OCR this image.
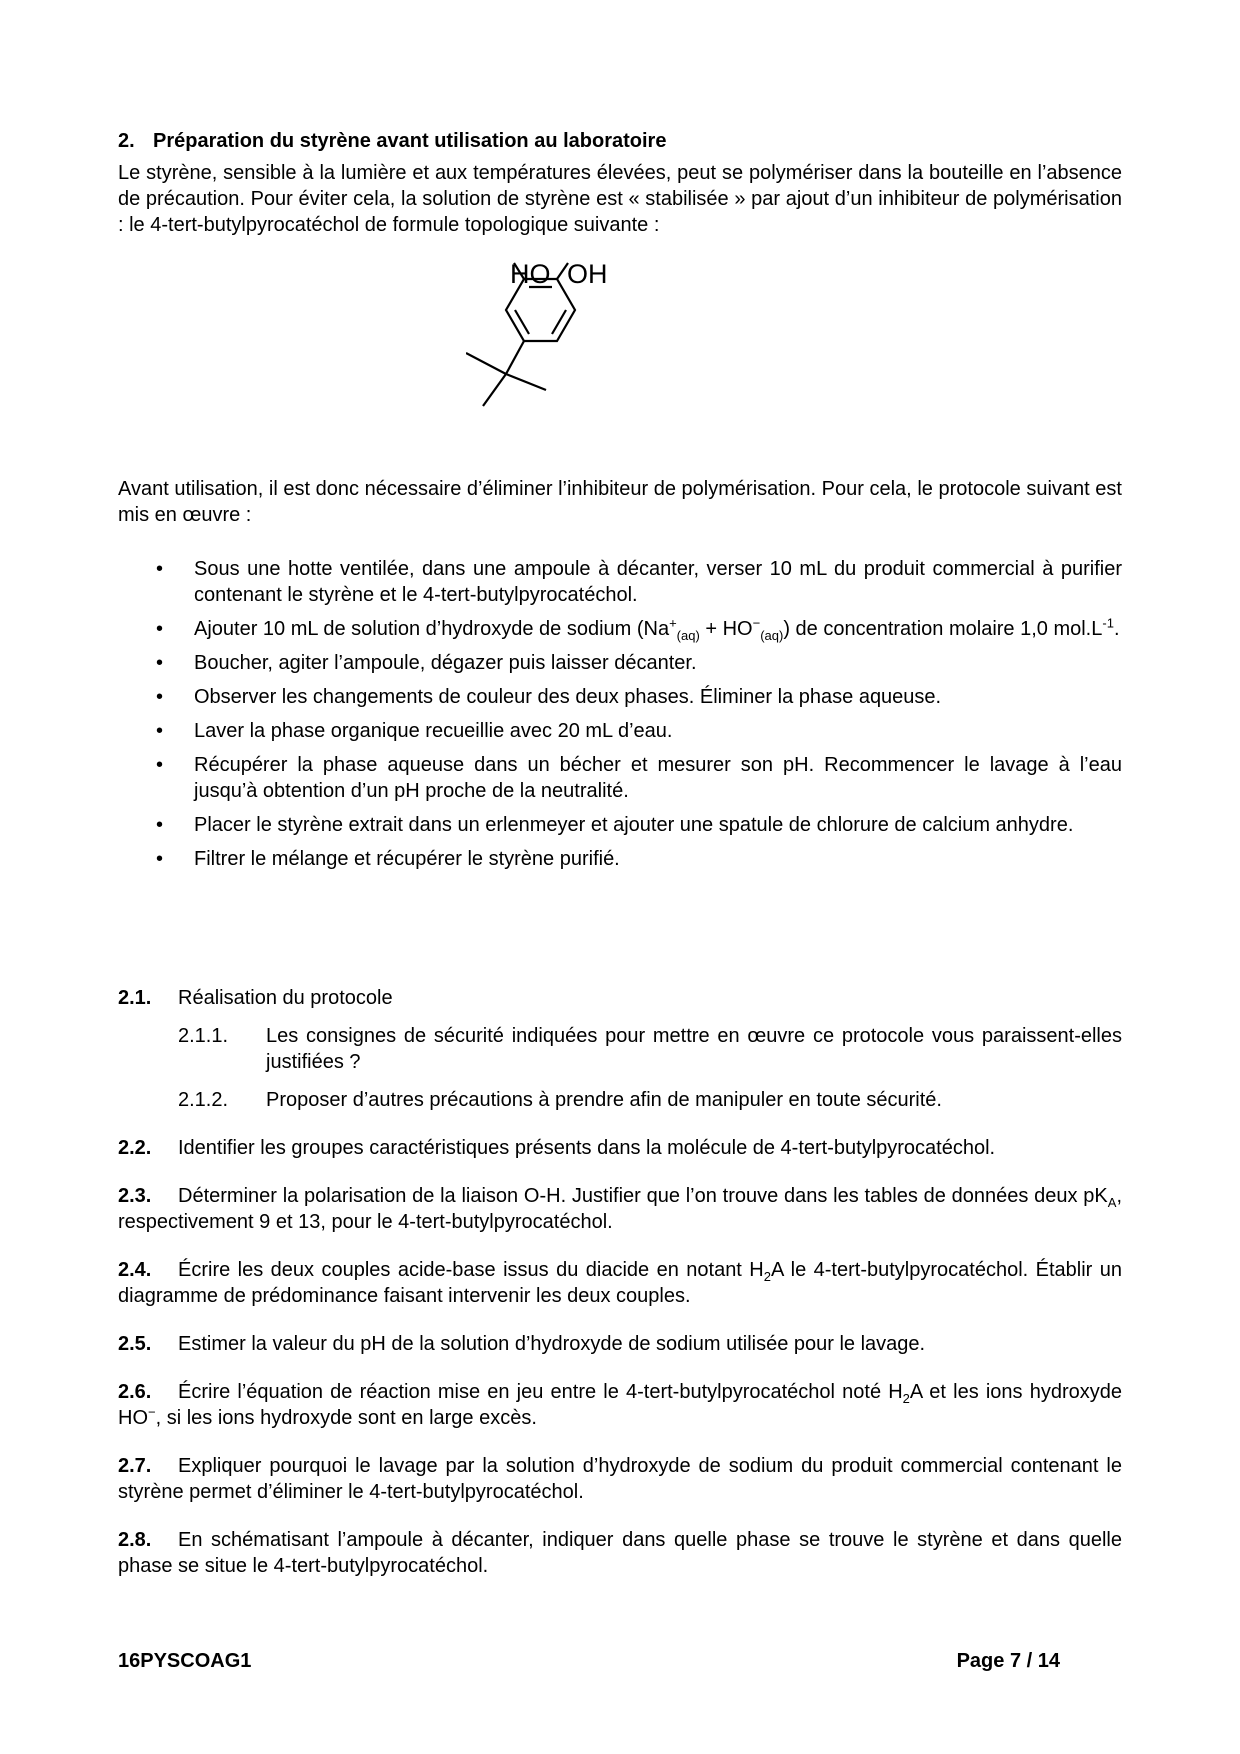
2. Préparation du styrène avant utilisation au laboratoire

Le styrène, sensible à la lumière et aux températures élevées, peut se polymériser dans la bouteille en l’absence de précaution. Pour éviter cela, la solution de styrène est « stabilisée » par ajout d’un inhibiteur de polymérisation : le 4-tert-butylpyrocatéchol de formule topologique suivante :

HO OH

Avant utilisation, il est donc nécessaire d’éliminer l’inhibiteur de polymérisation. Pour cela, le protocole suivant est mis en œuvre :

• Sous une hotte ventilée, dans une ampoule à décanter, verser 10 mL du produit commercial à purifier contenant le styrène et le 4-tert-butylpyrocatéchol.
• Ajouter 10 mL de solution d’hydroxyde de sodium $(Na^+_{(aq)} + HO^-_{(aq)})$ de concentration molaire 1,0 $mol.L^{-1}$.
• Boucher, agiter l’ampoule, dégazer puis laisser décanter.
• Observer les changements de couleur des deux phases. Éliminer la phase aqueuse.
• Laver la phase organique recueillie avec 20 mL d’eau.
• Récupérer la phase aqueuse dans un bécher et mesurer son pH. Recommencer le lavage à l’eau jusqu’à obtention d’un pH proche de la neutralité.
• Placer le styrène extrait dans un erlenmeyer et ajouter une spatule de chlorure de calcium anhydre.
• Filtrer le mélange et récupérer le styrène purifié.

2.1. Réalisation du protocole

2.1.1. Les consignes de sécurité indiquées pour mettre en œuvre ce protocole vous paraissent-elles justifiées ?

2.1.2. Proposer d’autres précautions à prendre afin de manipuler en toute sécurité.

2.2. Identifier les groupes caractéristiques présents dans la molécule de 4-tert-butylpyrocatéchol.

2.3. Déterminer la polarisation de la liaison O-H. Justifier que l’on trouve dans les tables de données deux $pK_A$, respectivement 9 et 13, pour le 4-tert-butylpyrocatéchol.

2.4. Écrire les deux couples acide-base issus du diacide en notant $H_2A$ le 4-tert-butylpyrocatéchol. Établir un diagramme de prédominance faisant intervenir les deux couples.

2.5. Estimer la valeur du pH de la solution d’hydroxyde de sodium utilisée pour le lavage.

2.6. Écrire l’équation de réaction mise en jeu entre le 4-tert-butylpyrocatéchol noté $H_2A$ et les ions hydroxyde HO−, si les ions hydroxyde sont en large excès.

2.7. Expliquer pourquoi le lavage par la solution d’hydroxyde de sodium du produit commercial contenant le styrène permet d’éliminer le 4-tert-butylpyrocatéchol.

2.8. En schématisant l’ampoule à décanter, indiquer dans quelle phase se trouve le styrène et dans quelle phase se situe le 4-tert-butylpyrocatéchol.

16PYSCOAG1	Page 7 / 14
